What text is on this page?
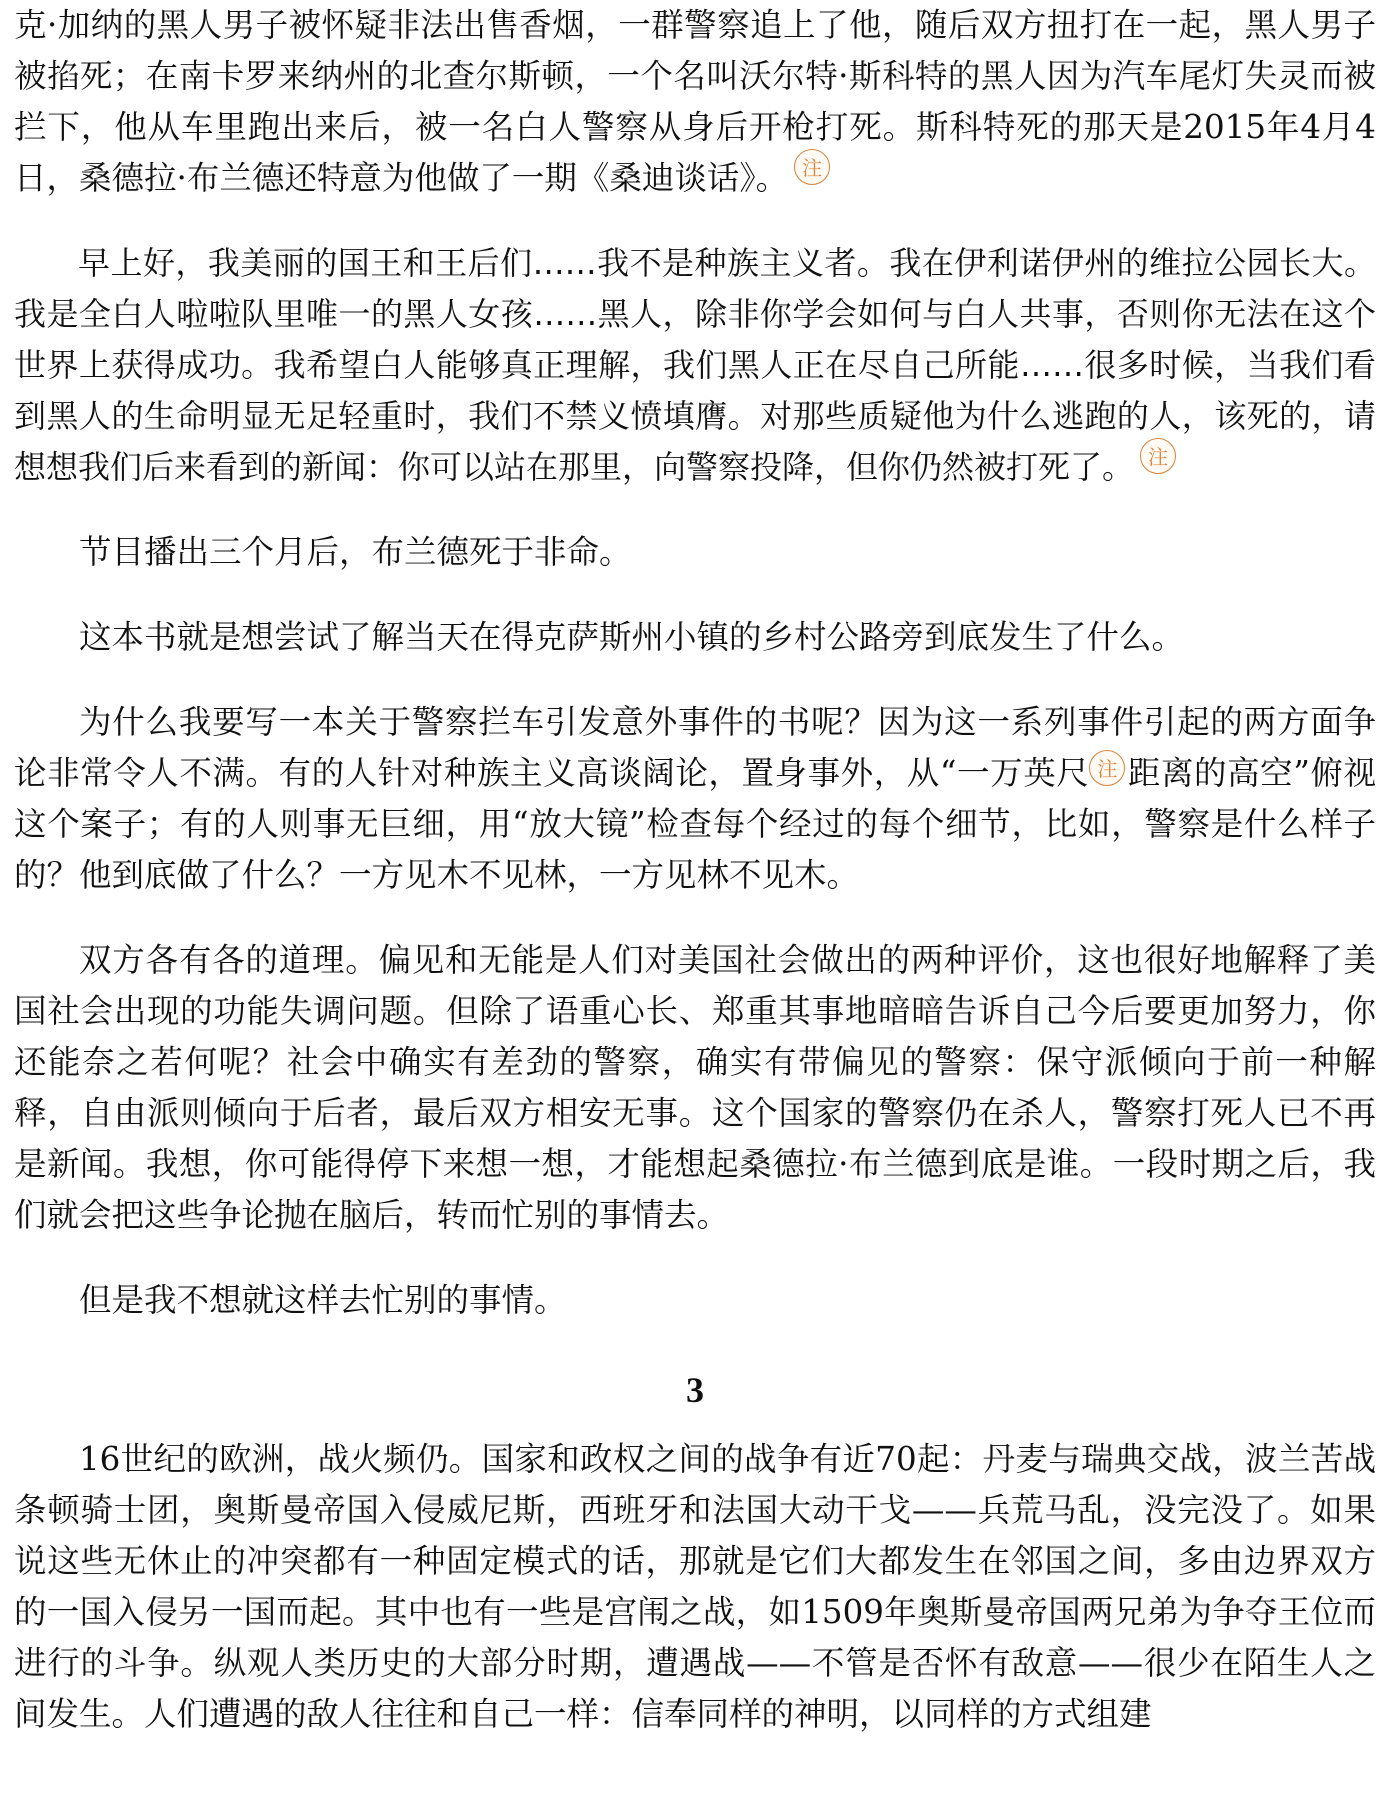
克·加纳的黑人男子被怀疑非法出售香烟，一群警察追上了他，随后双方扭打在一起，黑人男子被掐死；在南卡罗来纳州的北查尔斯顿，一个名叫沃尔特·斯科特的黑人因为汽车尾灯失灵而被拦下，他从车里跑出来后，被一名白人警察从身后开枪打死。斯科特死的那天是2015年4月4日，桑德拉·布兰德还特意为他做了一期《桑迪谈话》。 注

早上好，我美丽的国王和王后们……我不是种族主义者。我在伊利诺伊州的维拉公园长大。我是全白人啦啦队里唯一的黑人女孩……黑人，除非你学会如何与白人共事，否则你无法在这个世界上获得成功。我希望白人能够真正理解，我们黑人正在尽自己所能……很多时候，当我们看到黑人的生命明显无足轻重时，我们不禁义愤填膺。对那些质疑他为什么逃跑的人，该死的，请想想我们后来看到的新闻：你可以站在那里，向警察投降，但你仍然被打死了。 注

节目播出三个月后，布兰德死于非命。

这本书就是想尝试了解当天在得克萨斯州小镇的乡村公路旁到底发生了什么。

为什么我要写一本关于警察拦车引发意外事件的书呢？因为这一系列事件引起的两方面争论非常令人不满。有的人针对种族主义高谈阔论，置身事外，从“一万英尺 注 距离的高空”俯视这个案子；有的人则事无巨细，用“放大镜”检查每个经过的每个细节，比如，警察是什么样子的？他到底做了什么？一方见木不见林，一方见林不见木。

双方各有各的道理。偏见和无能是人们对美国社会做出的两种评价，这也很好地解释了美国社会出现的功能失调问题。但除了语重心长、郑重其事地暗暗告诉自己今后要更加努力，你还能奈之若何呢？社会中确实有差劲的警察，确实有带偏见的警察：保守派倾向于前一种解释，自由派则倾向于后者，最后双方相安无事。这个国家的警察仍在杀人，警察打死人已不再是新闻。我想，你可能得停下来想一想，才能想起桑德拉·布兰德到底是谁。一段时期之后，我们就会把这些争论抛在脑后，转而忙别的事情去。

但是我不想就这样去忙别的事情。

3

16世纪的欧洲，战火频仍。国家和政权之间的战争有近70起：丹麦与瑞典交战，波兰苦战条顿骑士团，奥斯曼帝国入侵威尼斯，西班牙和法国大动干戈——兵荒马乱，没完没了。如果说这些无休止的冲突都有一种固定模式的话，那就是它们大都发生在邻国之间，多由边界双方的一国入侵另一国而起。其中也有一些是宫闱之战，如1509年奥斯曼帝国两兄弟为争夺王位而进行的斗争。纵观人类历史的大部分时期，遭遇战——不管是否怀有敌意——很少在陌生人之间发生。人们遭遇的敌人往往和自己一样：信奉同样的神明，以同样的方式组建
